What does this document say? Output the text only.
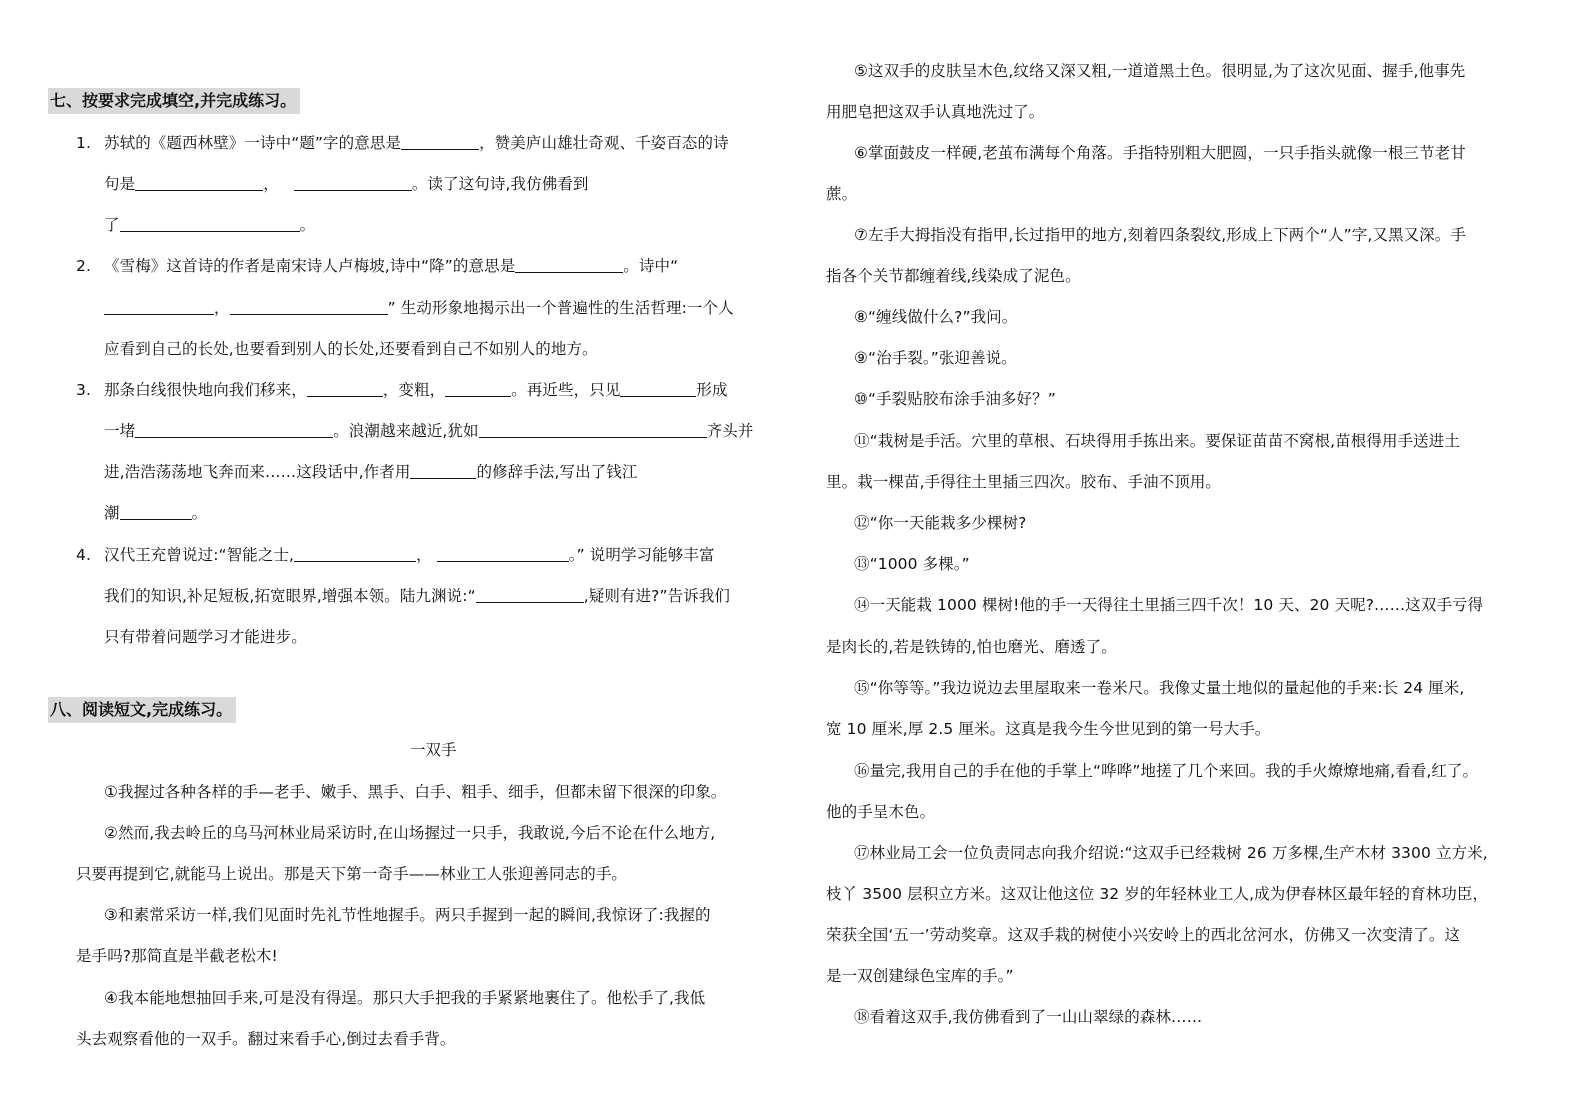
七、按要求完成填空,并完成练习。
1. 苏轼的《题西林壁》一诗中“题”字的意思是	，赞美庐山雄壮奇观、千姿百态的诗
句是	，	。读了这句诗,我仿佛看到
了	。
2. 《雪梅》这首诗的作者是南宋诗人卢梅坡,诗中“降”的意思是	。诗中“
，	” 生动形象地揭示出一个普遍性的生活哲理:一个人
应看到自己的长处,也要看到别人的长处,还要看到自己不如别人的地方。
3. 那条白线很快地向我们移来，	，变粗，	。再近些，只见	形成
一堵	。浪潮越来越近,犹如	齐头并
进,浩浩荡荡地飞奔而来……这段话中,作者用	的修辞手法,写出了钱江
潮	。
4. 汉代王充曾说过:“智能之士,	，	。” 说明学习能够丰富
我们的知识,补足短板,拓宽眼界,增强本领。陆九渊说:“	,疑则有进?”告诉我们
只有带着问题学习才能进步。
八、阅读短文,完成练习。
一双手
①我握过各种各样的手—老手、嫩手、黑手、白手、粗手、细手，但都未留下很深的印象。
②然而,我去岭丘的乌马河林业局采访时,在山场握过一只手，我敢说,今后不论在什么地方,
只要再提到它,就能马上说出。那是天下第一奇手——林业工人张迎善同志的手。
③和素常采访一样,我们见面时先礼节性地握手。两只手握到一起的瞬间,我惊讶了:我握的
是手吗?那简直是半截老松木!
④我本能地想抽回手来,可是没有得逞。那只大手把我的手紧紧地裹住了。他松手了,我低
头去观察看他的一双手。翻过来看手心,倒过去看手背。
⑤这双手的皮肤呈木色,纹络又深又粗,一道道黑土色。很明显,为了这次见面、握手,他事先
用肥皂把这双手认真地洗过了。
⑥掌面鼓皮一样硬,老茧布满每个角落。手指特别粗大肥圆，一只手指头就像一根三节老甘
蔗。
⑦左手大拇指没有指甲,长过指甲的地方,刻着四条裂纹,形成上下两个“人”字,又黑又深。手
指各个关节都缠着线,线染成了泥色。
⑧“缠线做什么?”我问。
⑨“治手裂。”张迎善说。
⑩“手裂贴胶布涂手油多好？”
⑪“栽树是手活。穴里的草根、石块得用手拣出来。要保证苗苗不窝根,苗根得用手送进土
里。栽一棵苗,手得往土里插三四次。胶布、手油不顶用。
⑫“你一天能栽多少棵树?
⑬“1000 多棵。”
⑭一天能栽 1000 棵树!他的手一天得往土里插三四千次！10 天、20 天呢?……这双手亏得
是肉长的,若是铁铸的,怕也磨光、磨透了。
⑮“你等等。”我边说边去里屋取来一卷米尺。我像丈量土地似的量起他的手来:长 24 厘米,
宽 10 厘米,厚 2.5 厘米。这真是我今生今世见到的第一号大手。
⑯量完,我用自己的手在他的手掌上“哗哗”地搓了几个来回。我的手火燎燎地痛,看看,红了。
他的手呈木色。
⑰林业局工会一位负责同志向我介绍说:“这双手已经栽树 26 万多棵,生产木材 3300 立方米,
枝丫 3500 层积立方米。这双让他这位 32 岁的年轻林业工人,成为伊春林区最年轻的育林功臣，
荣获全国‘五一’劳动奖章。这双手栽的树使小兴安岭上的西北岔河水，仿佛又一次变清了。这
是一双创建绿色宝库的手。”
⑱看着这双手,我仿佛看到了一山山翠绿的森林……
